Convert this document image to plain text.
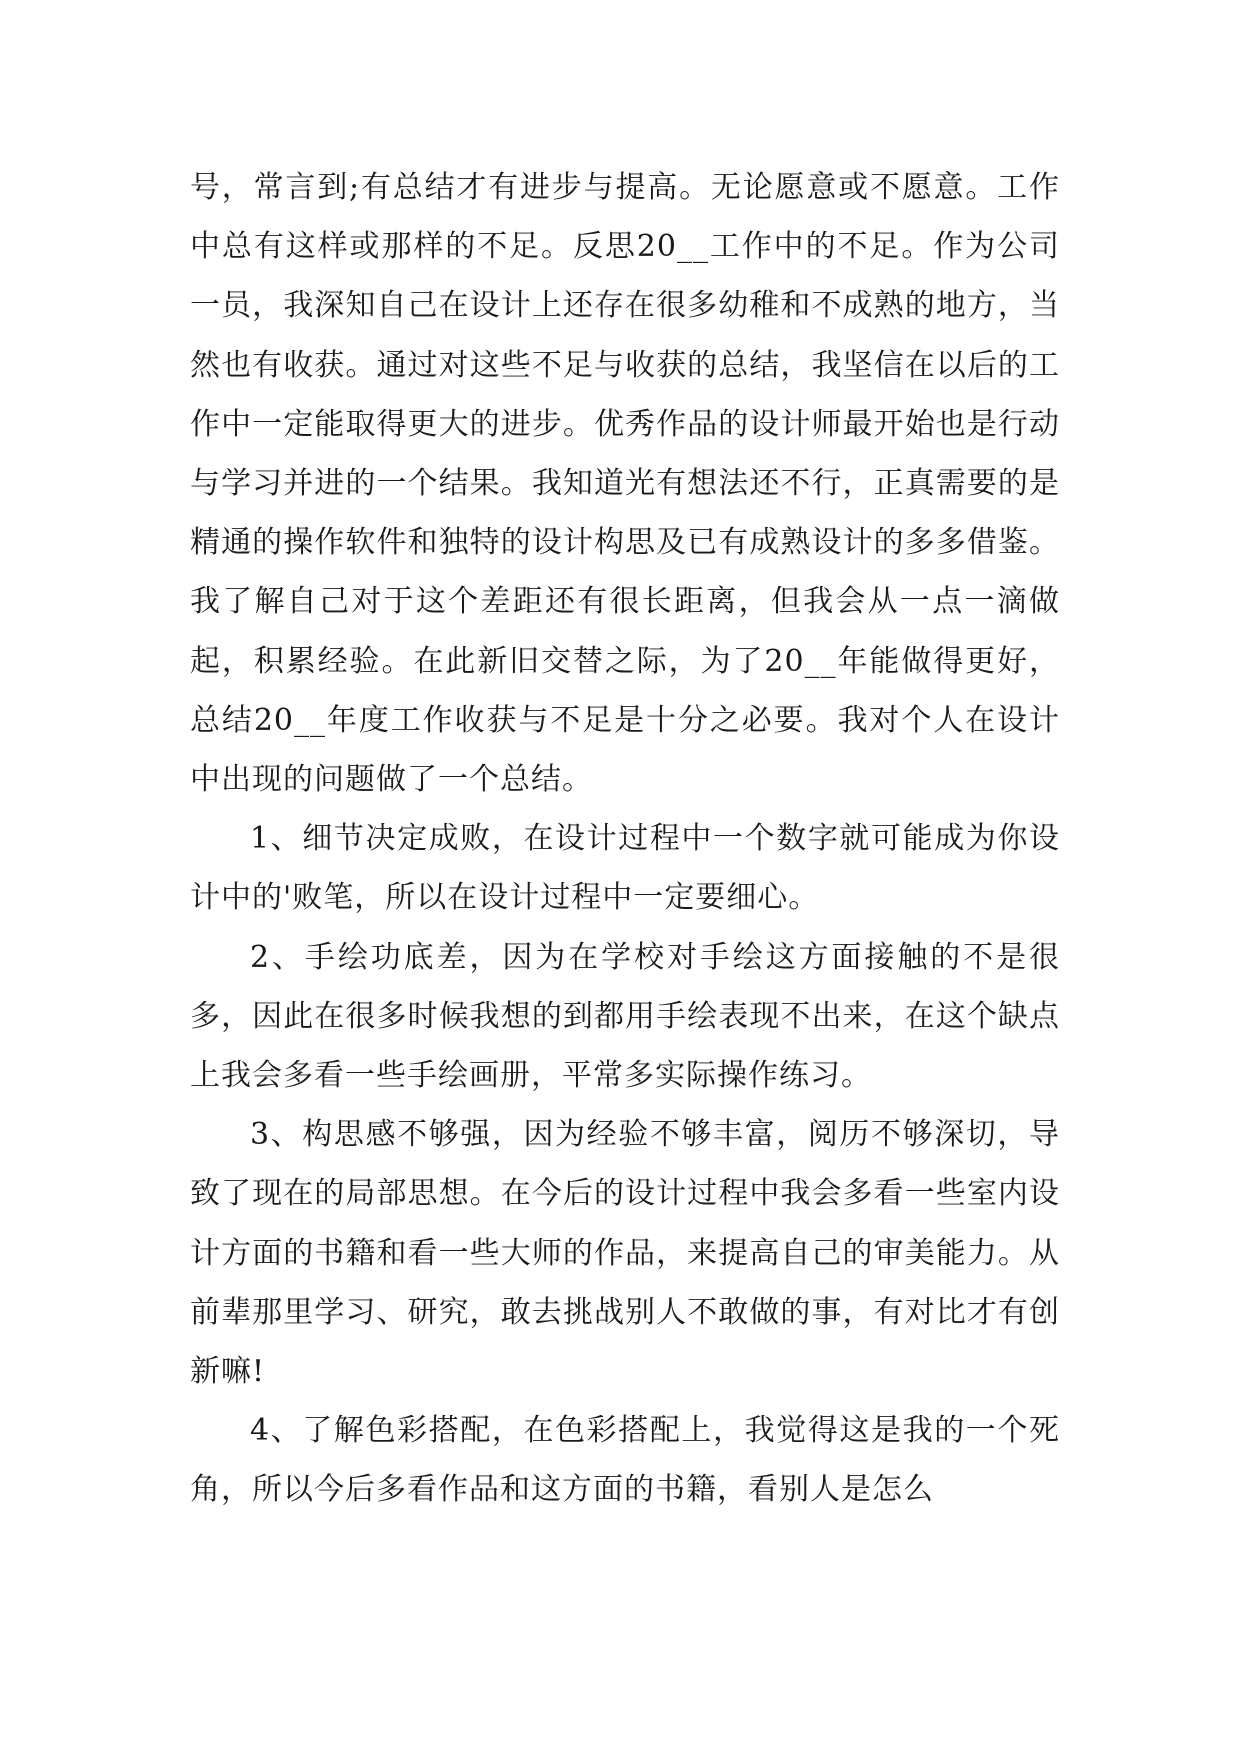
号，常言到;有总结才有进步与提高。无论愿意或不愿意。工作中总有这样或那样的不足。反思20__工作中的不足。作为公司一员，我深知自己在设计上还存在很多幼稚和不成熟的地方，当然也有收获。通过对这些不足与收获的总结，我坚信在以后的工作中一定能取得更大的进步。优秀作品的设计师最开始也是行动与学习并进的一个结果。我知道光有想法还不行，正真需要的是精通的操作软件和独特的设计构思及已有成熟设计的多多借鉴。我了解自己对于这个差距还有很长距离，但我会从一点一滴做起，积累经验。在此新旧交替之际，为了20__年能做得更好，总结20__年度工作收获与不足是十分之必要。我对个人在设计中出现的问题做了一个总结。

1、细节决定成败，在设计过程中一个数字就可能成为你设计中的'败笔，所以在设计过程中一定要细心。

2、手绘功底差，因为在学校对手绘这方面接触的不是很多，因此在很多时候我想的到都用手绘表现不出来，在这个缺点上我会多看一些手绘画册，平常多实际操作练习。

3、构思感不够强，因为经验不够丰富，阅历不够深切，导致了现在的局部思想。在今后的设计过程中我会多看一些室内设计方面的书籍和看一些大师的作品，来提高自己的审美能力。从前辈那里学习、研究，敢去挑战别人不敢做的事，有对比才有创新嘛!

4、了解色彩搭配，在色彩搭配上，我觉得这是我的一个死角，所以今后多看作品和这方面的书籍，看别人是怎么
